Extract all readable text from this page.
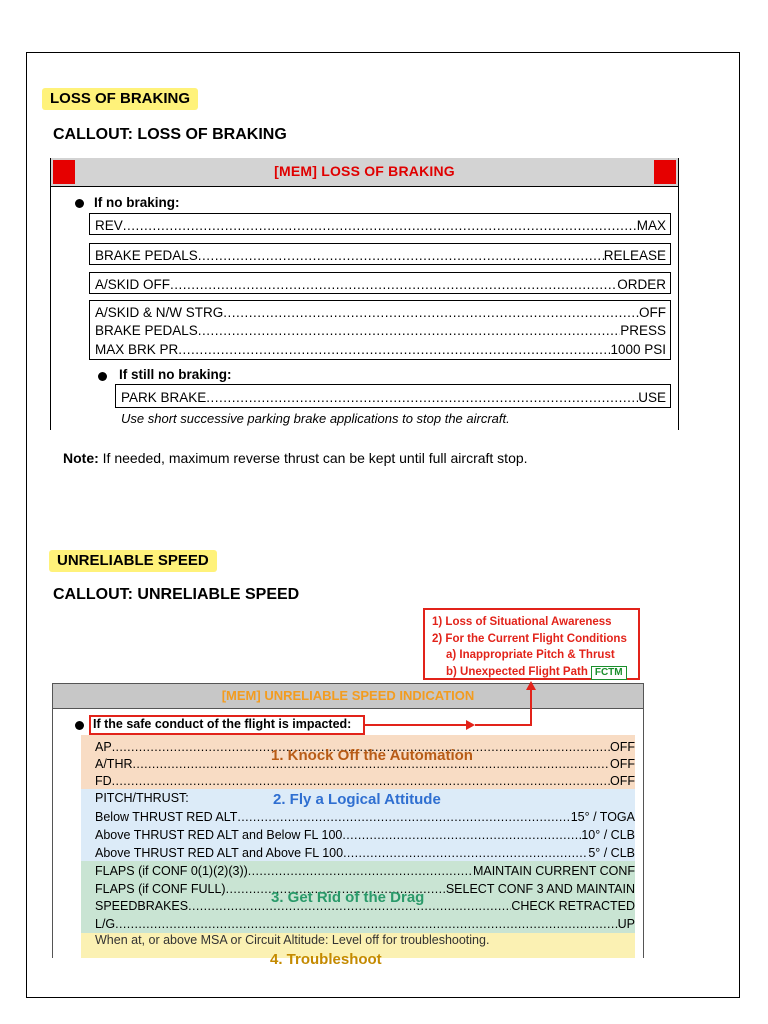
LOSS OF BRAKING
CALLOUT: LOSS OF BRAKING
[MEM] LOSS OF BRAKING
If no braking:
REV .....	MAX
BRAKE PEDALS .....	RELEASE
A/SKID OFF .....	ORDER
A/SKID & N/W STRG .....	OFF
BRAKE PEDALS .....	PRESS
MAX BRK PR .....	1000 PSI
If still no braking:
PARK BRAKE .....	USE
Use short successive parking brake applications to stop the aircraft.
Note: If needed, maximum reverse thrust can be kept until full aircraft stop.
UNRELIABLE SPEED
CALLOUT: UNRELIABLE SPEED
1) Loss of Situational Awareness
2) For the Current Flight Conditions
a) Inappropriate Pitch & Thrust
b) Unexpected Flight Path FCTM
[MEM] UNRELIABLE SPEED INDICATION
If the safe conduct of the flight is impacted:
AP .....	OFF
A/THR .....	OFF
FD .....	OFF
PITCH/THRUST:
Below THRUST RED ALT .....	15° / TOGA
Above THRUST RED ALT and Below FL 100 .....	10° / CLB
Above THRUST RED ALT and Above FL 100 .....	5° / CLB
FLAPS (if CONF 0(1)(2)(3)) .....	MAINTAIN CURRENT CONF
FLAPS (if CONF FULL) .....	SELECT CONF 3 AND MAINTAIN
SPEEDBRAKES .....	CHECK RETRACTED
L/G .....	UP
When at, or above MSA or Circuit Altitude: Level off for troubleshooting.
1. Knock Off the Automation
2. Fly a Logical Attitude
3. Get Rid of the Drag
4. Troubleshoot
